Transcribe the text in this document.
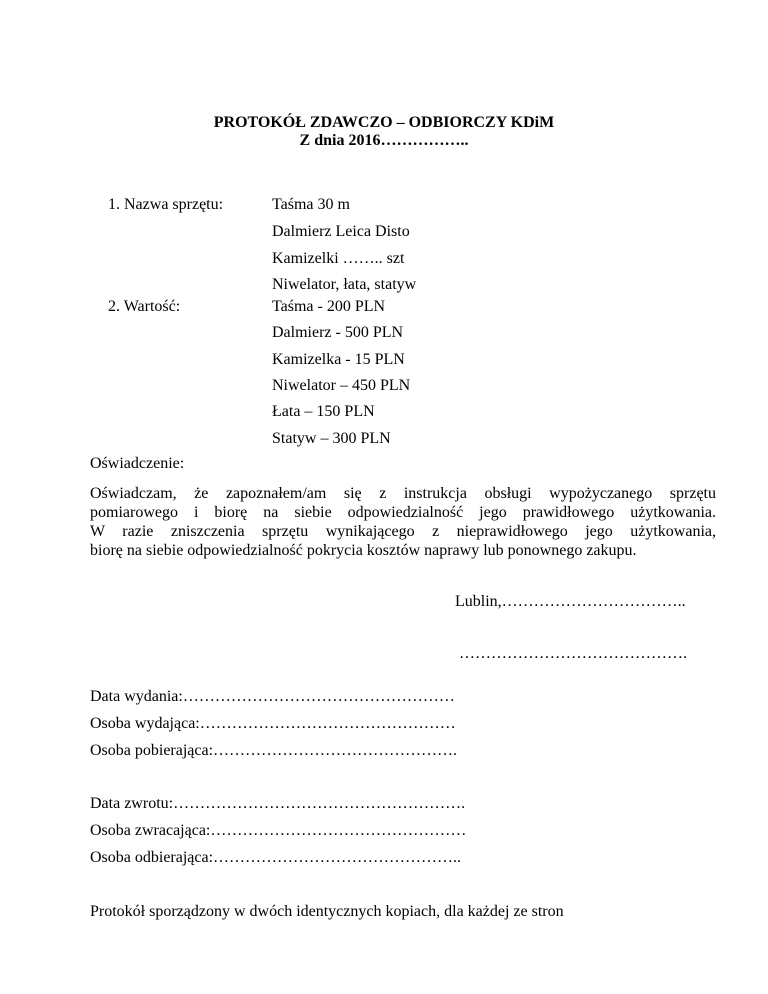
PROTOKÓŁ ZDAWCZO – ODBIORCZY KDiM
Z dnia 2016……………..
1. Nazwa sprzętu:	Taśma 30 m
Dalmierz Leica Disto
Kamizelki …….. szt
Niwelator, łata, statyw
2. Wartość:	Taśma - 200 PLN
Dalmierz - 500 PLN
Kamizelka - 15 PLN
Niwelator – 450 PLN
Łata – 150 PLN
Statyw – 300 PLN
Oświadczenie:
Oświadczam, że zapoznałem/am się z instrukcja obsługi wypożyczanego sprzętu
pomiarowego i biorę na siebie odpowiedzialność jego prawidłowego użytkowania.
W razie zniszczenia sprzętu wynikającego z nieprawidłowego jego użytkowania,
biorę na siebie odpowiedzialność pokrycia kosztów naprawy lub ponownego zakupu.
Lublin,……………………………..
…………………………………….
Data wydania:……………………………………………
Osoba wydająca:…………………………………………
Osoba pobierająca:……………………………………….
Data zwrotu:……………………………………………….
Osoba zwracająca:…………………………………………
Osoba odbierająca:………………………………………..
Protokół sporządzony w dwóch identycznych kopiach, dla każdej ze stron
